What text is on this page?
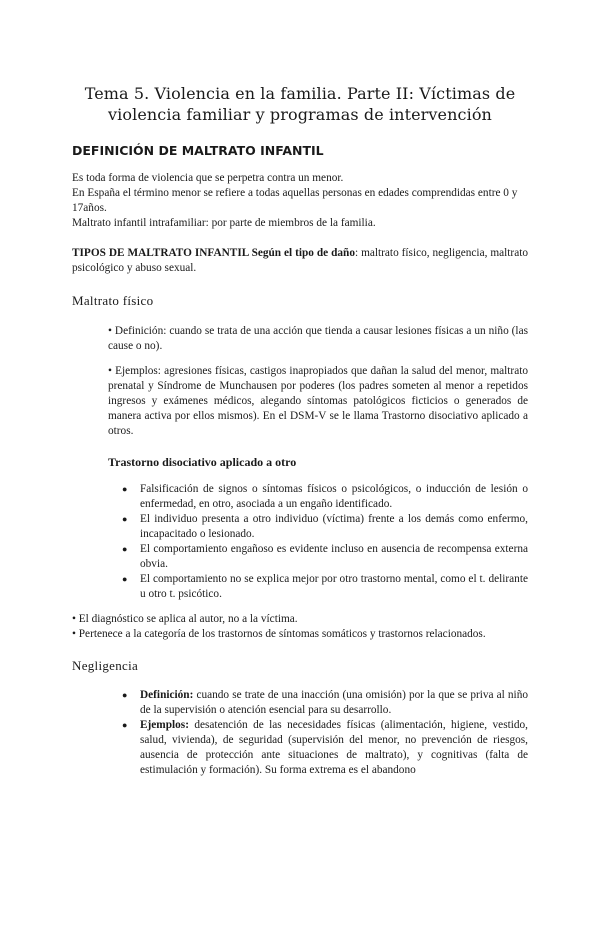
Tema 5. Violencia en la familia. Parte II: Víctimas de
violencia familiar y programas de intervención
DEFINICIÓN DE MALTRATO INFANTIL

Es toda forma de violencia que se perpetra contra un menor.
En España el término menor se refiere a todas aquellas personas en edades comprendidas entre 0 y 17años.
Maltrato infantil intrafamiliar: por parte de miembros de la familia.

TIPOS DE MALTRATO INFANTIL Según el tipo de daño: maltrato físico, negligencia, maltrato psicológico y abuso sexual.

Maltrato físico

• Definición: cuando se trata de una acción que tienda a causar lesiones físicas a un niño (las cause o no).

• Ejemplos: agresiones físicas, castigos inapropiados que dañan la salud del menor, maltrato prenatal y Síndrome de Munchausen por poderes (los padres someten al menor a repetidos ingresos y exámenes médicos, alegando síntomas patológicos ficticios o generados de manera activa por ellos mismos). En el DSM-V se le llama Trastorno disociativo aplicado a otros.

Trastorno disociativo aplicado a otro
● Falsificación de signos o síntomas físicos o psicológicos, o inducción de lesión o enfermedad, en otro, asociada a un engaño identificado.
● El individuo presenta a otro individuo (víctima) frente a los demás como enfermo, incapacitado o lesionado.
● El comportamiento engañoso es evidente incluso en ausencia de recompensa externa obvia.
● El comportamiento no se explica mejor por otro trastorno mental, como el t. delirante u otro t. psicótico.

• El diagnóstico se aplica al autor, no a la víctima.

• Pertenece a la categoría de los trastornos de síntomas somáticos y trastornos relacionados.

Negligencia
● Definición: cuando se trate de una inacción (una omisión) por la que se priva al niño de la supervisión o atención esencial para su desarrollo.
● Ejemplos: desatención de las necesidades físicas (alimentación, higiene, vestido, salud, vivienda), de seguridad (supervisión del menor, no prevención de riesgos, ausencia de protección ante situaciones de maltrato), y cognitivas (falta de estimulación y formación). Su forma extrema es el abandono
